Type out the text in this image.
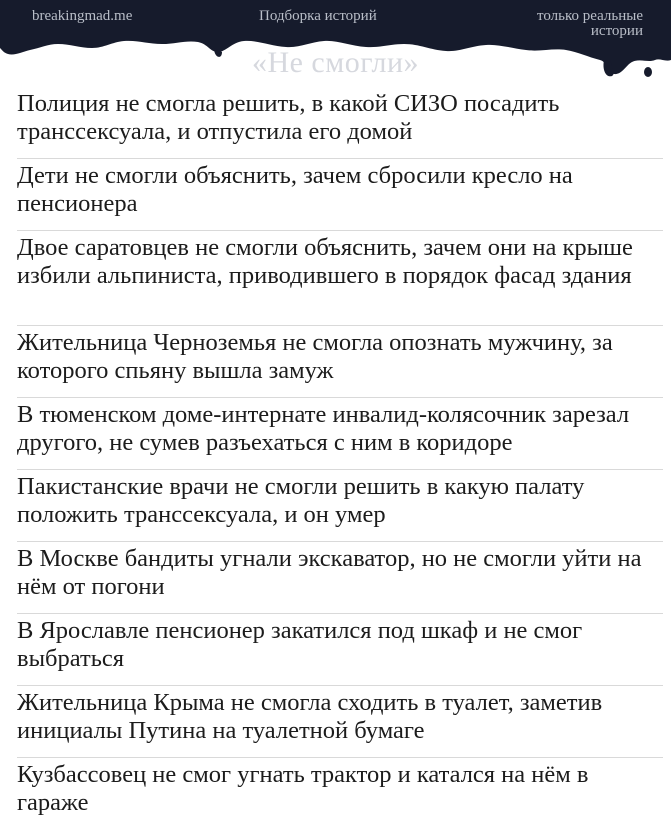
breakingmad.me	Подборка историй	только реальные истории
«Не смогли»
Полиция не смогла решить, в какой СИЗО посадить транссексуала, и отпустила его домой
Дети не смогли объяснить, зачем сбросили кресло на пенсионера
Двое саратовцев не смогли объяснить, зачем они на крыше избили альпиниста, приводившего в порядок фасад здания
Жительница Черноземья не смогла опознать мужчину, за которого спьяну вышла замуж
В тюменском доме-интернате инвалид-колясочник зарезал другого, не сумев разъехаться с ним в коридоре
Пакистанские врачи не смогли решить в какую палату положить транссексуала, и он умер
В Москве бандиты угнали экскаватор, но не смогли уйти на нём от погони
В Ярославле пенсионер закатился под шкаф и не смог выбраться
Жительница Крыма не смогла сходить в туалет, заметив инициалы Путина на туалетной бумаге
Кузбассовец не смог угнать трактор и катался на нём в гараже
